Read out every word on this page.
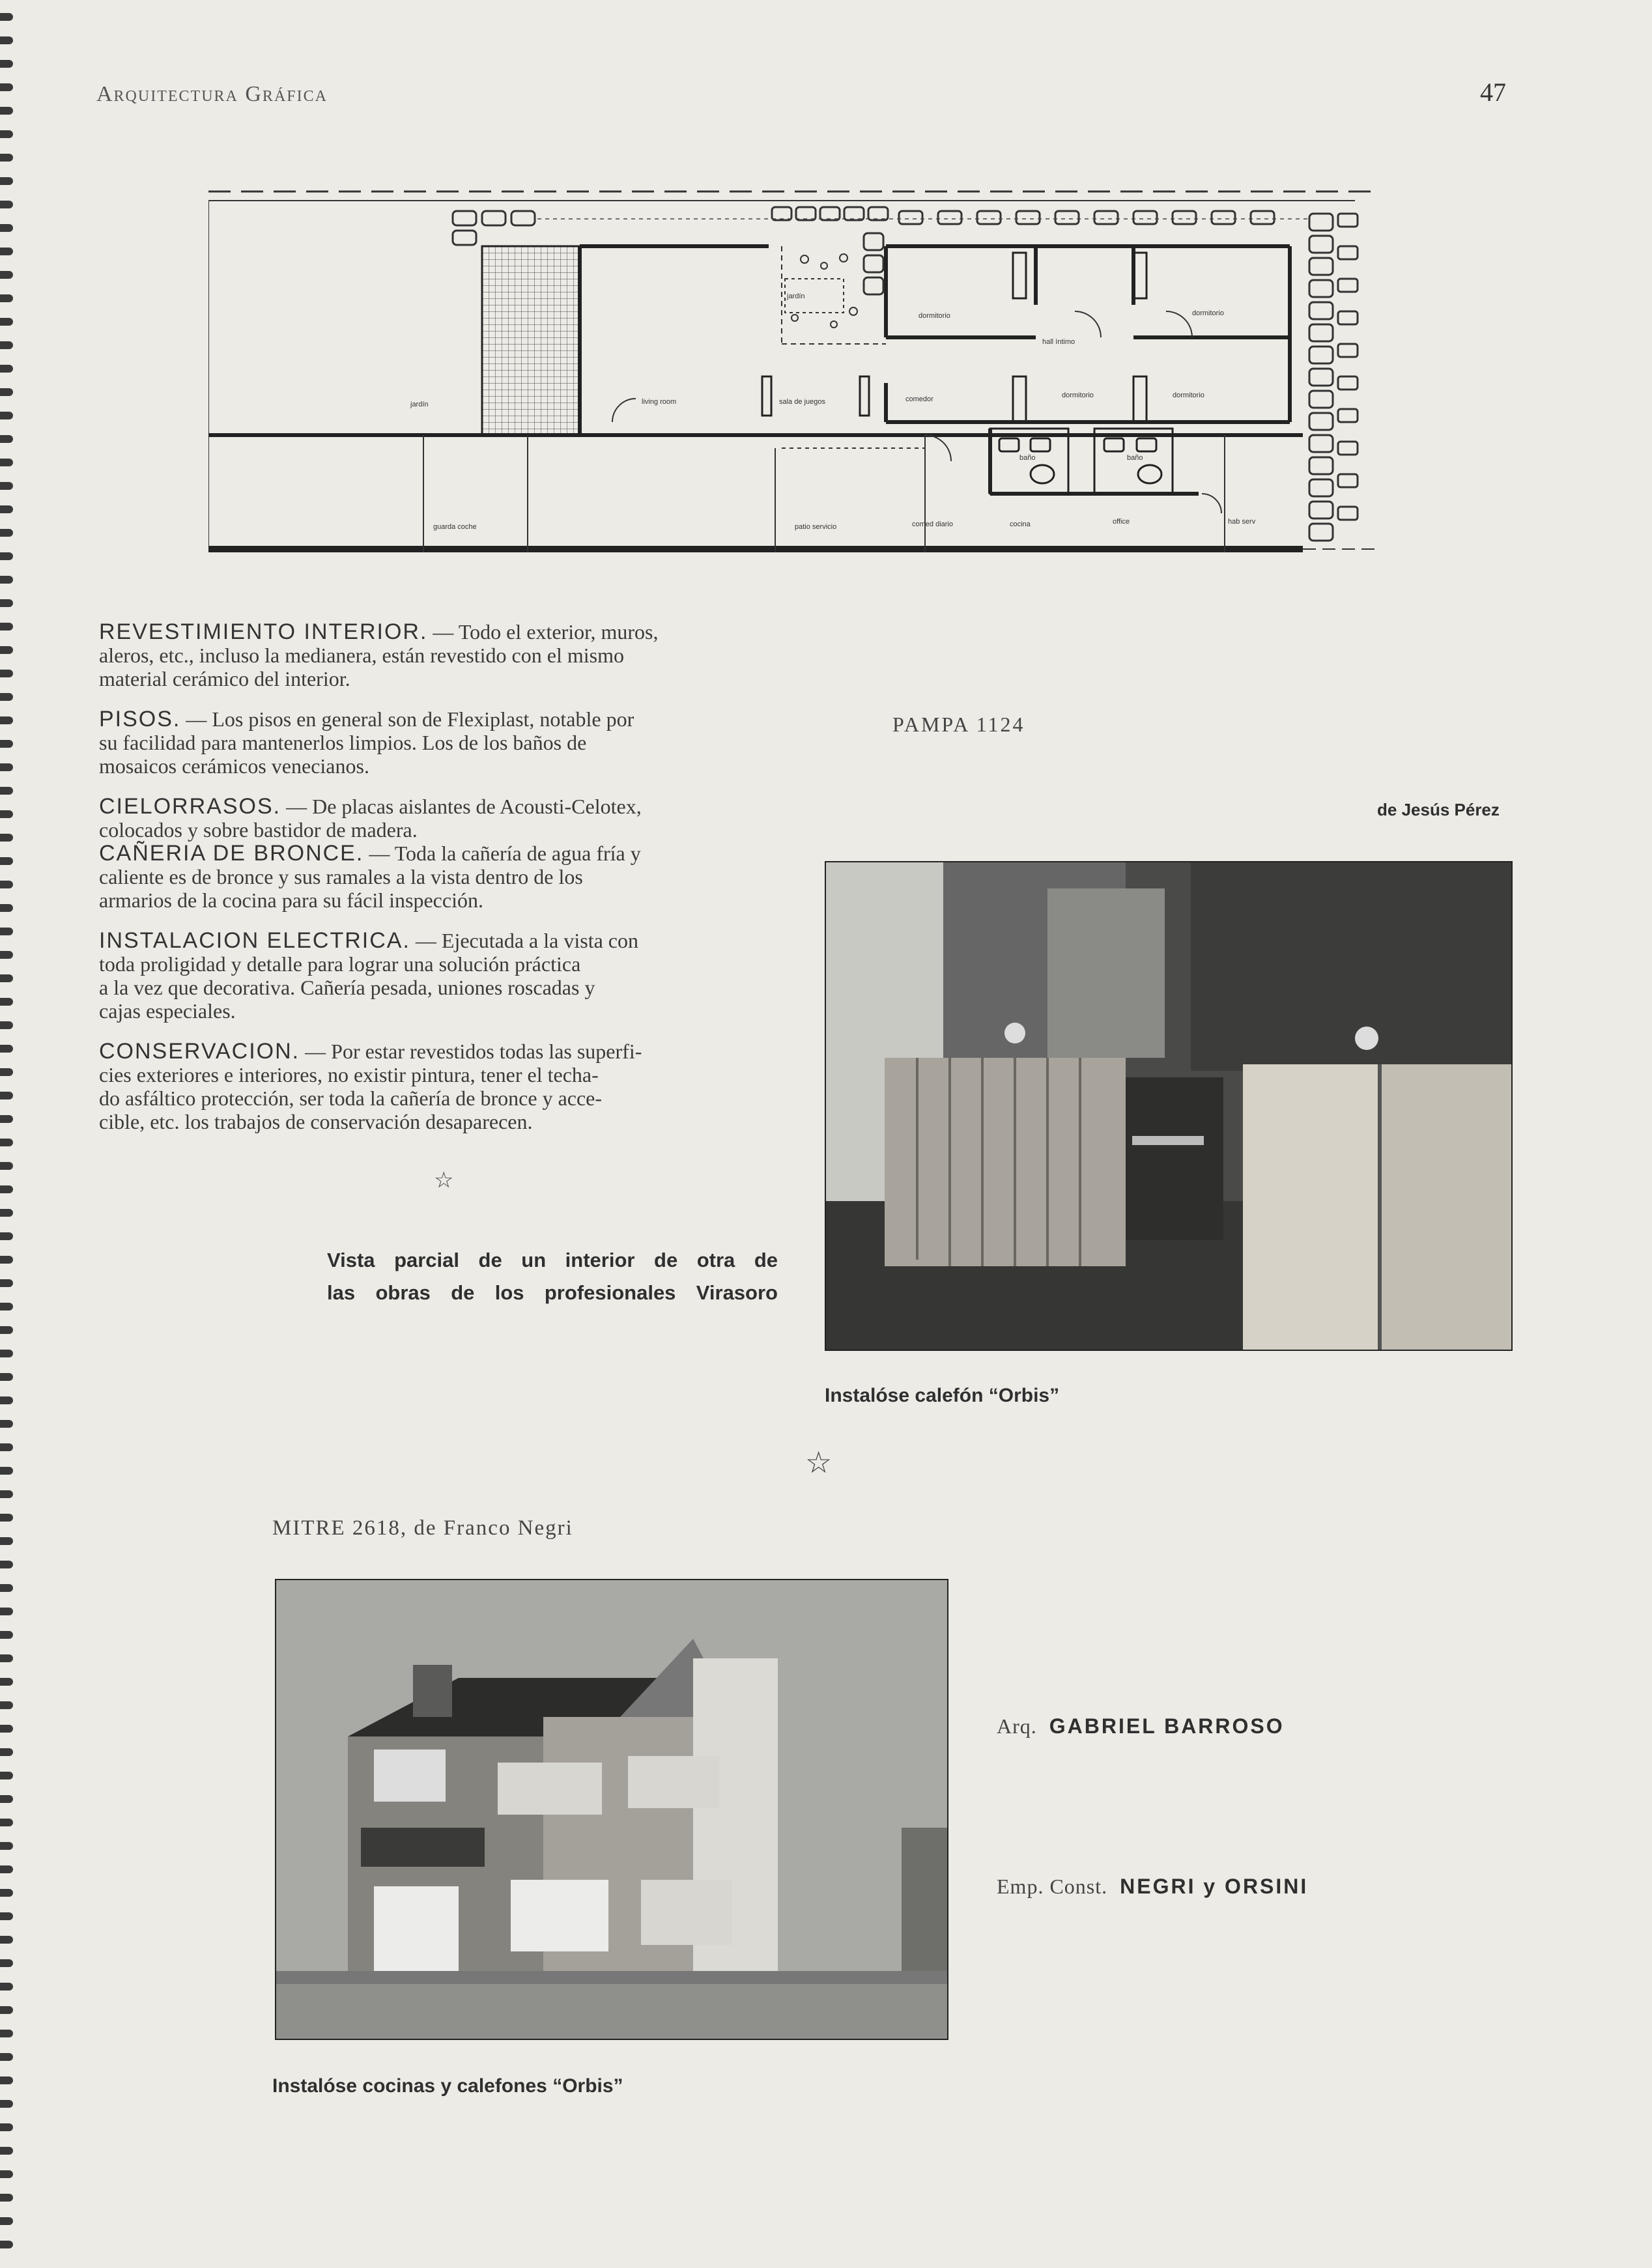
Arquitectura Gráfica	47
jardín
jardín
living room	sala de juegos	comedor
dormitorio	dormitorio
dormitorio
dormitorio
hall íntimo
guarda coche	patio servicio	comed diario	cocina	office	hab serv
baño	baño
REVESTIMIENTO INTERIOR. — Todo el exterior, muros,
aleros, etc., incluso la medianera, están revestido con el mismo
material cerámico del interior.
PISOS. — Los pisos en general son de Flexiplast, notable por
su facilidad para mantenerlos limpios. Los de los baños de
mosaicos cerámicos venecianos.
CIELORRASOS. — De placas aislantes de Acousti-Celotex,
colocados y sobre bastidor de madera.
CAÑERIA DE BRONCE. — Toda la cañería de agua fría y
caliente es de bronce y sus ramales a la vista dentro de los
armarios de la cocina para su fácil inspección.
INSTALACION ELECTRICA. — Ejecutada a la vista con
toda proligidad y detalle para lograr una solución práctica
a la vez que decorativa. Cañería pesada, uniones roscadas y
cajas especiales.
CONSERVACION. — Por estar revestidos todas las superfi-
cies exteriores e interiores, no existir pintura, tener el techa-
do asfáltico protección, ser toda la cañería de bronce y acce-
cible, etc. los trabajos de conservación desaparecen.
☆
Vista parcial de un interior de otra de
las obras de los profesionales Virasoro
PAMPA 1124
de Jesús Pérez
Instalóse calefón “Orbis”
☆
MITRE 2618, de Franco Negri
Instalóse cocinas y calefones “Orbis”
Arq. GABRIEL BARROSO
Emp. Const. NEGRI y ORSINI
